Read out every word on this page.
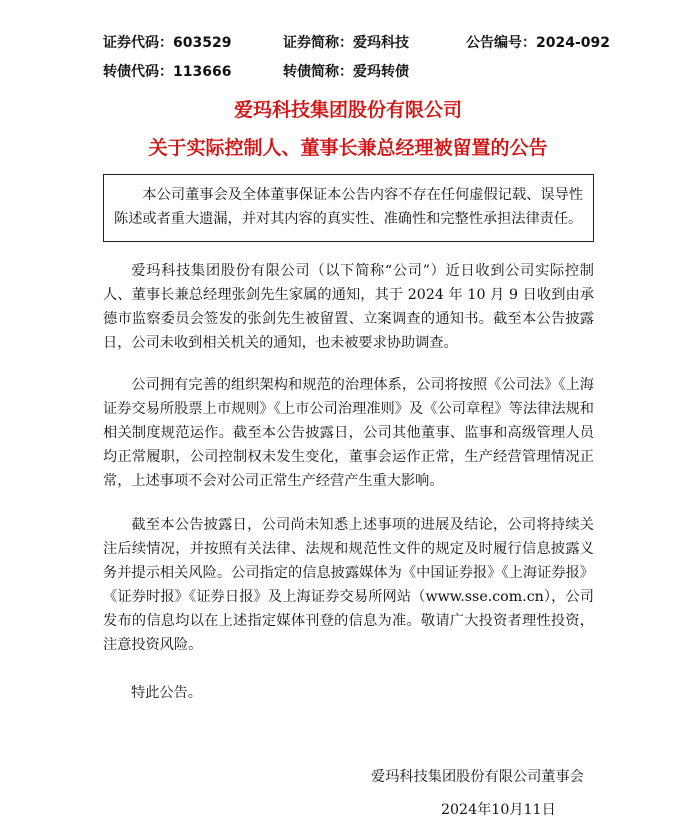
证券代码：603529	证券简称：爱玛科技	公告编号：2024-092
转债代码：113666	转债简称：爱玛转债
爱玛科技集团股份有限公司
关于实际控制人、董事长兼总经理被留置的公告
本公司董事会及全体董事保证本公告内容不存在任何虚假记载、误导性陈述或者重大遗漏，并对其内容的真实性、准确性和完整性承担法律责任。

爱玛科技集团股份有限公司（以下简称“公司”）近日收到公司实际控制人、董事长兼总经理张剑先生家属的通知，其于 2024 年 10 月 9 日收到由承德市监察委员会签发的张剑先生被留置、立案调查的通知书。截至本公告披露日，公司未收到相关机关的通知，也未被要求协助调查。

公司拥有完善的组织架构和规范的治理体系，公司将按照《公司法》《上海证券交易所股票上市规则》《上市公司治理准则》及《公司章程》等法律法规和相关制度规范运作。截至本公告披露日，公司其他董事、监事和高级管理人员均正常履职，公司控制权未发生变化，董事会运作正常，生产经营管理情况正常，上述事项不会对公司正常生产经营产生重大影响。

截至本公告披露日，公司尚未知悉上述事项的进展及结论，公司将持续关注后续情况，并按照有关法律、法规和规范性文件的规定及时履行信息披露义务并提示相关风险。公司指定的信息披露媒体为《中国证券报》《上海证券报》《证券时报》《证券日报》及上海证券交易所网站（www.sse.com.cn），公司发布的信息均以在上述指定媒体刊登的信息为准。敬请广大投资者理性投资，注意投资风险。

特此公告。
爱玛科技集团股份有限公司董事会
2024年10月11日
